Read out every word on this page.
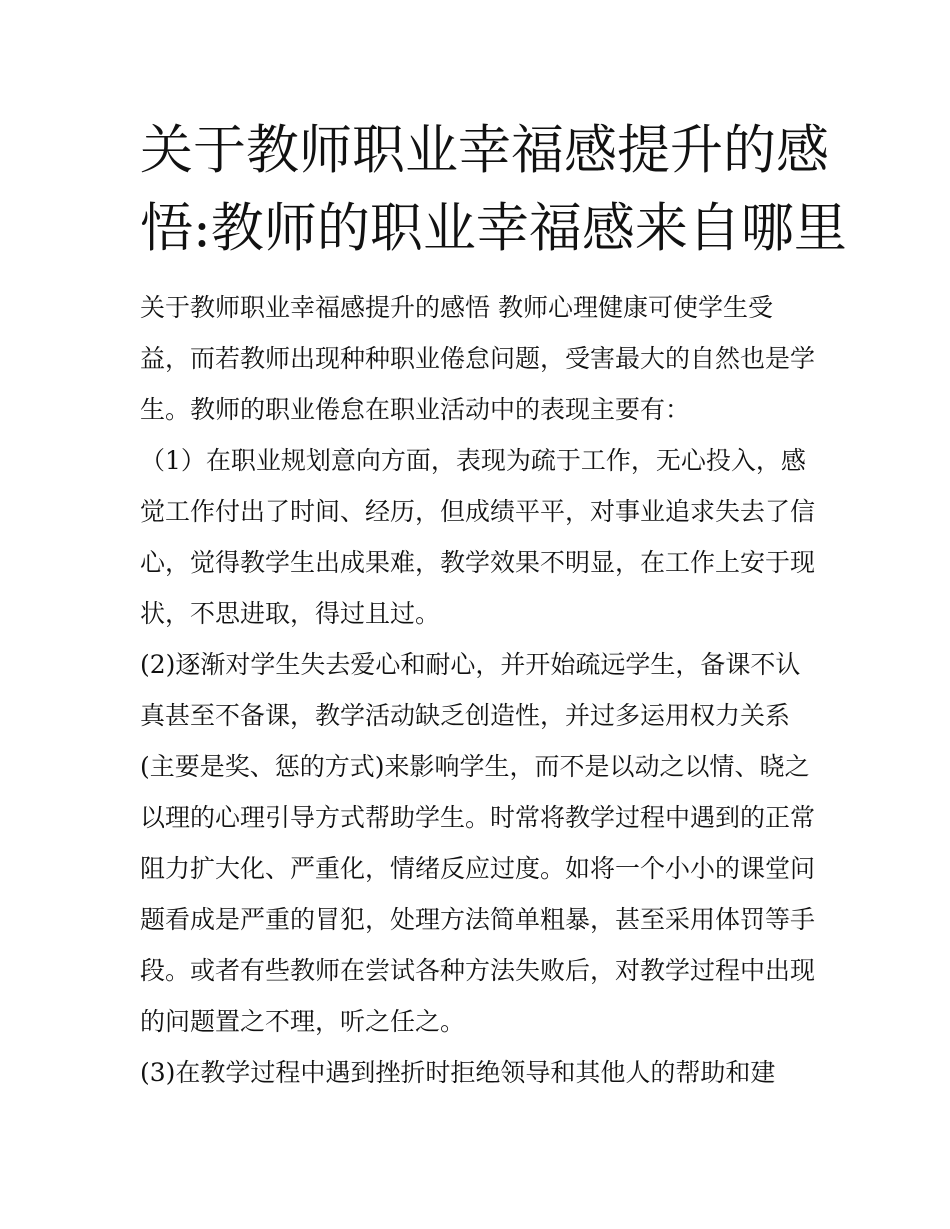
关于教师职业幸福感提升的感
悟:教师的职业幸福感来自哪里
关于教师职业幸福感提升的感悟 教师心理健康可使学生受
益，而若教师出现种种职业倦怠问题，受害最大的自然也是学
生。教师的职业倦怠在职业活动中的表现主要有：
（1）在职业规划意向方面，表现为疏于工作，无心投入，感
觉工作付出了时间、经历，但成绩平平，对事业追求失去了信
心，觉得教学生出成果难，教学效果不明显，在工作上安于现
状，不思进取，得过且过。
(2)逐渐对学生失去爱心和耐心，并开始疏远学生，备课不认
真甚至不备课，教学活动缺乏创造性，并过多运用权力关系
(主要是奖、惩的方式)来影响学生，而不是以动之以情、晓之
以理的心理引导方式帮助学生。时常将教学过程中遇到的正常
阻力扩大化、严重化，情绪反应过度。如将一个小小的课堂问
题看成是严重的冒犯，处理方法简单粗暴，甚至采用体罚等手
段。或者有些教师在尝试各种方法失败后，对教学过程中出现
的问题置之不理，听之任之。
(3)在教学过程中遇到挫折时拒绝领导和其他人的帮助和建
